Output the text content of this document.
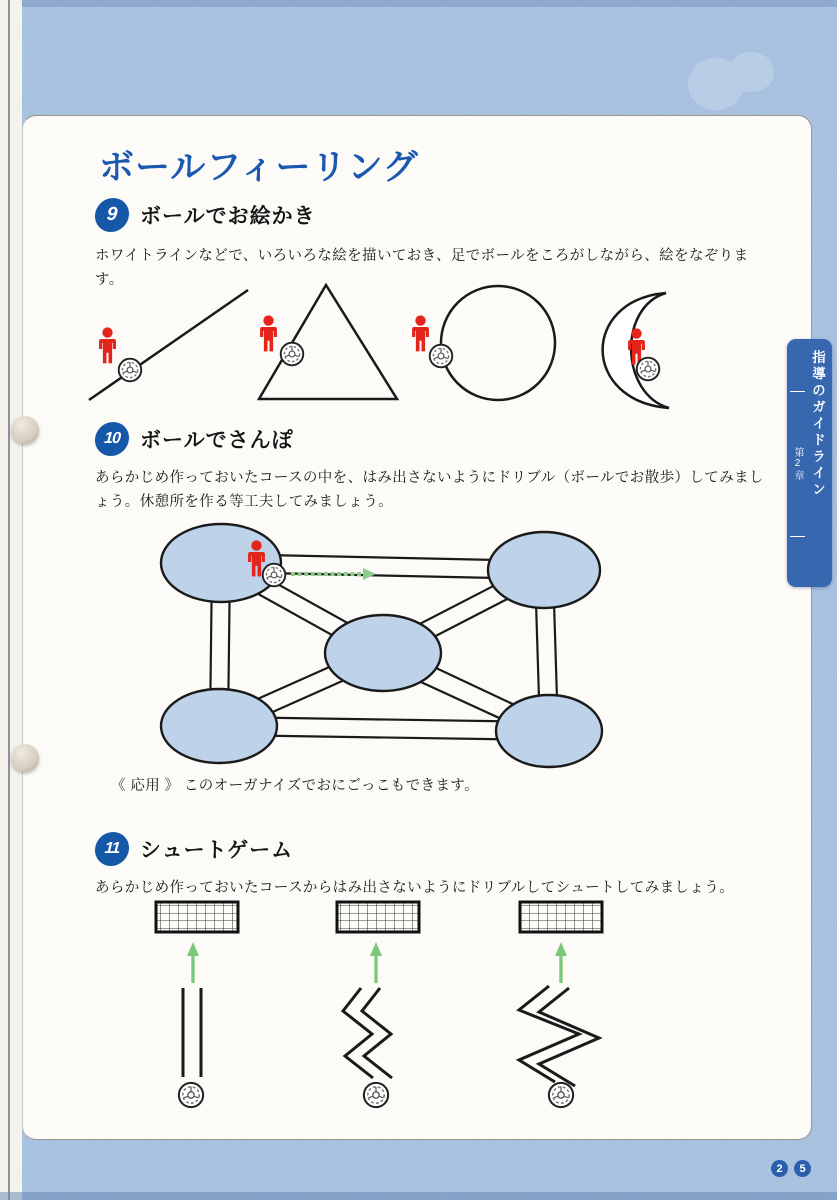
ボールフィーリング
9	ボールでお絵かき
ホワイトラインなどで、いろいろな絵を描いておき、足でボールをころがしながら、絵をなぞります。
10 ボールでさんぽ
あらかじめ作っておいたコースの中を、はみ出さないようにドリブル（ボールでお散歩）してみましょう。休憩所を作る等工夫してみましょう。
《 応用 》 このオーガナイズでおにごっこもできます。
11 シュートゲーム
あらかじめ作っておいたコースからはみ出さないようにドリブルしてシュートしてみましょう。
第2章 指導のガイドライン
2	5
